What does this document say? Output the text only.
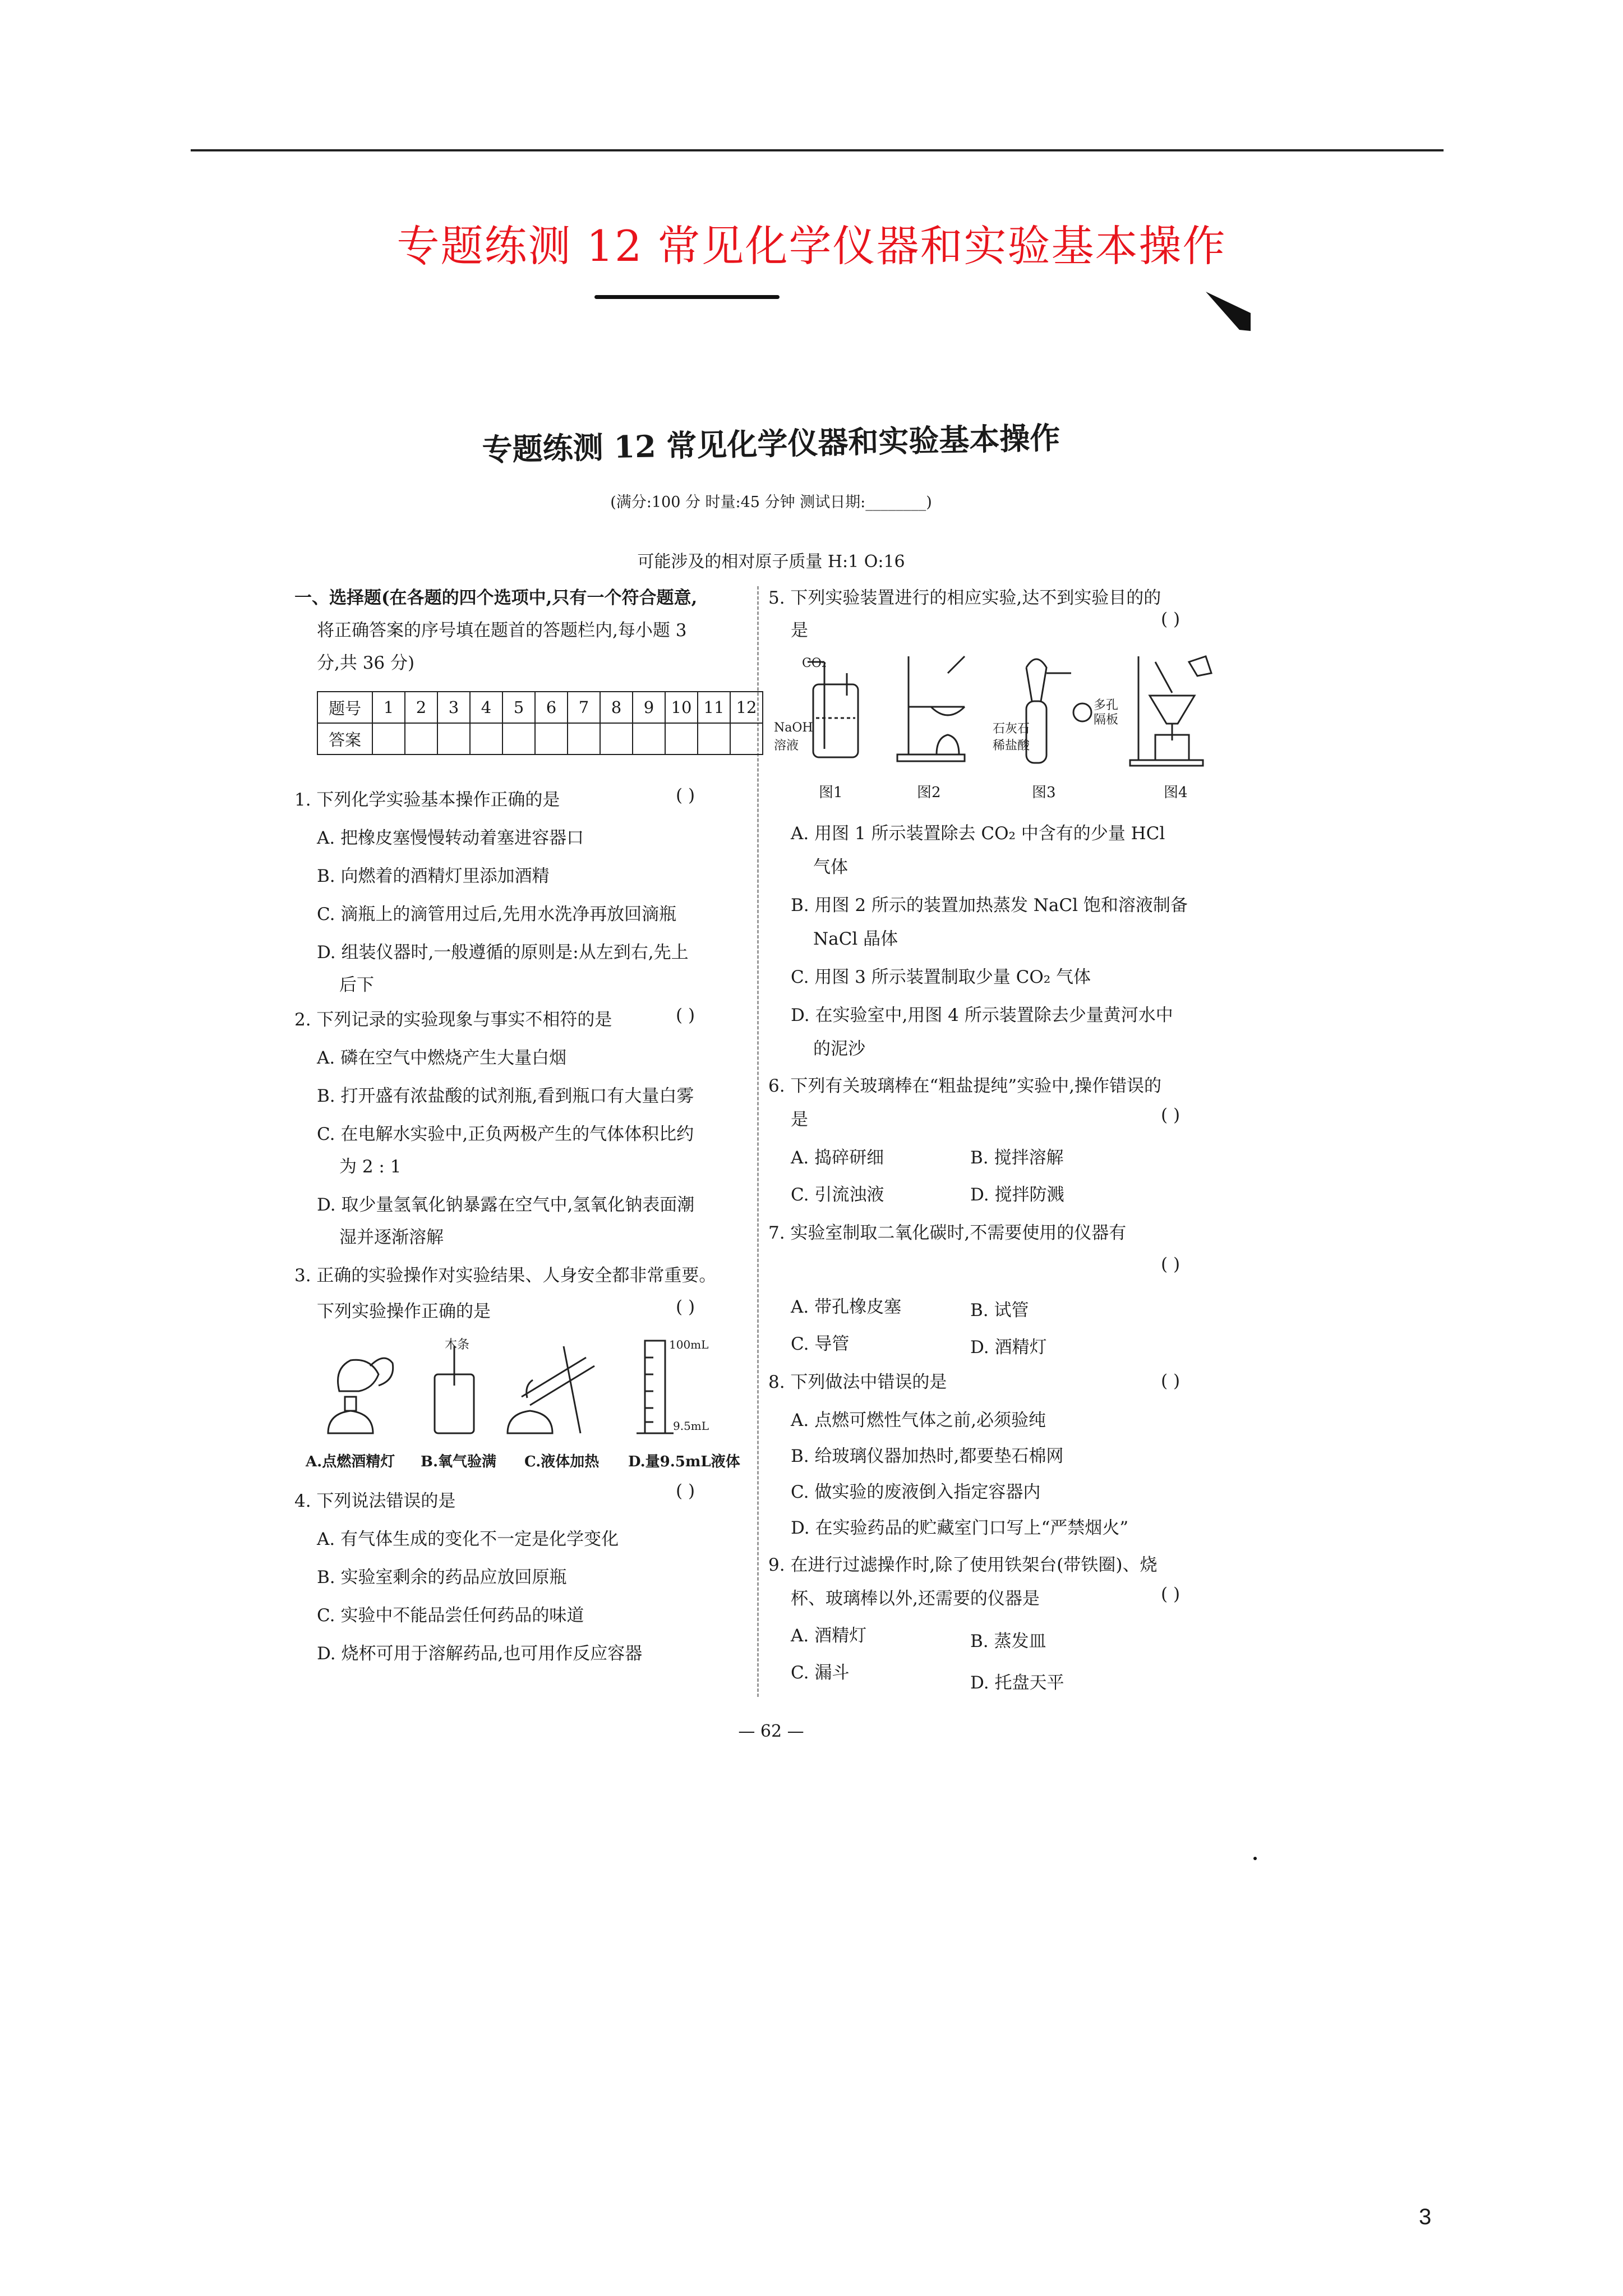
专题练测 12 常见化学仪器和实验基本操作
专题练测 12 常见化学仪器和实验基本操作
(满分:100 分 时量:45 分钟 测试日期:________)
可能涉及的相对原子质量 H:1 O:16
一、选择题(在各题的四个选项中,只有一个符合题意,
将正确答案的序号填在题首的答题栏内,每小题 3
分,共 36 分)
题号	1	2	3	4	5	6	7	8	9	10	11	12
答案												
1. 下列化学实验基本操作正确的是	( )
A. 把橡皮塞慢慢转动着塞进容器口
B. 向燃着的酒精灯里添加酒精
C. 滴瓶上的滴管用过后,先用水洗净再放回滴瓶
D. 组装仪器时,一般遵循的原则是:从左到右,先上
后下
2. 下列记录的实验现象与事实不相符的是	( )
A. 磷在空气中燃烧产生大量白烟
B. 打开盛有浓盐酸的试剂瓶,看到瓶口有大量白雾
C. 在电解水实验中,正负两极产生的气体体积比约
为 2 : 1
D. 取少量氢氧化钠暴露在空气中,氢氧化钠表面潮
湿并逐渐溶解
3. 正确的实验操作对实验结果、人身安全都非常重要。
下列实验操作正确的是	( )
木条	100mL
9.5mL
A.点燃酒精灯 B.氧气验满 C.液体加热 D.量9.5mL液体
4. 下列说法错误的是	( )
A. 有气体生成的变化不一定是化学变化
B. 实验室剩余的药品应放回原瓶
C. 实验中不能品尝任何药品的味道
D. 烧杯可用于溶解药品,也可用作反应容器
5. 下列实验装置进行的相应实验,达不到实验目的的
是
( )
CO₂
NaOH
溶液
石灰石
稀盐酸
多孔
隔板
图1	图2	图3	图4
A. 用图 1 所示装置除去 CO₂ 中含有的少量 HCl
气体
B. 用图 2 所示的装置加热蒸发 NaCl 饱和溶液制备
NaCl 晶体
C. 用图 3 所示装置制取少量 CO₂ 气体
D. 在实验室中,用图 4 所示装置除去少量黄河水中
的泥沙
6. 下列有关玻璃棒在“粗盐提纯”实验中,操作错误的
是	( )
A. 捣碎研细	B. 搅拌溶解
C. 引流浊液	D. 搅拌防溅
7. 实验室制取二氧化碳时,不需要使用的仪器有
( )
A. 带孔橡皮塞	B. 试管
C. 导管	D. 酒精灯
8. 下列做法中错误的是	( )
A. 点燃可燃性气体之前,必须验纯
B. 给玻璃仪器加热时,都要垫石棉网
C. 做实验的废液倒入指定容器内
D. 在实验药品的贮藏室门口写上“严禁烟火”
9. 在进行过滤操作时,除了使用铁架台(带铁圈)、烧
杯、玻璃棒以外,还需要的仪器是	( )
A. 酒精灯	B. 蒸发皿
C. 漏斗	D. 托盘天平
— 62 —
3
